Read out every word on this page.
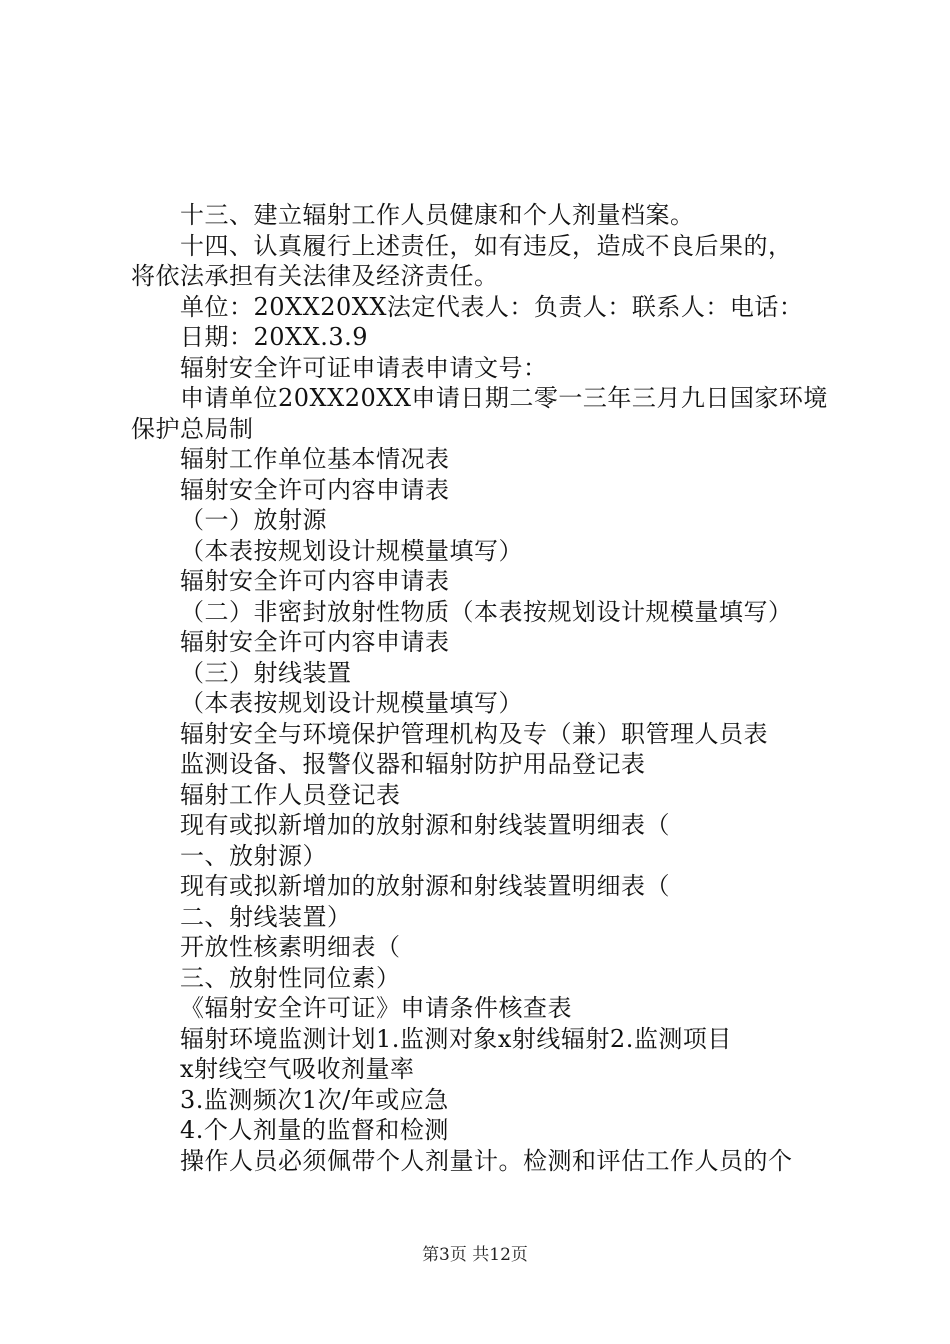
十三、建立辐射工作人员健康和个人剂量档案。

十四、认真履行上述责任，如有违反，造成不良后果的，

将依法承担有关法律及经济责任。

单位：20XX20XX法定代表人：负责人：联系人：电话：

日期：20XX.3.9

辐射安全许可证申请表申请文号：

申请单位20XX20XX申请日期二零一三年三月九日国家环境

保护总局制

辐射工作单位基本情况表

辐射安全许可内容申请表

（一）放射源

（本表按规划设计规模量填写）

辐射安全许可内容申请表

（二）非密封放射性物质（本表按规划设计规模量填写）

辐射安全许可内容申请表

（三）射线装置

（本表按规划设计规模量填写）

辐射安全与环境保护管理机构及专（兼）职管理人员表

监测设备、报警仪器和辐射防护用品登记表

辐射工作人员登记表

现有或拟新增加的放射源和射线装置明细表（

一、放射源）

现有或拟新增加的放射源和射线装置明细表（

二、射线装置）

开放性核素明细表（

三、放射性同位素）

《辐射安全许可证》申请条件核查表

辐射环境监测计划1.监测对象x射线辐射2.监测项目

x射线空气吸收剂量率

3.监测频次1次/年或应急

4.个人剂量的监督和检测

操作人员必须佩带个人剂量计。检测和评估工作人员的个

第3页 共12页
